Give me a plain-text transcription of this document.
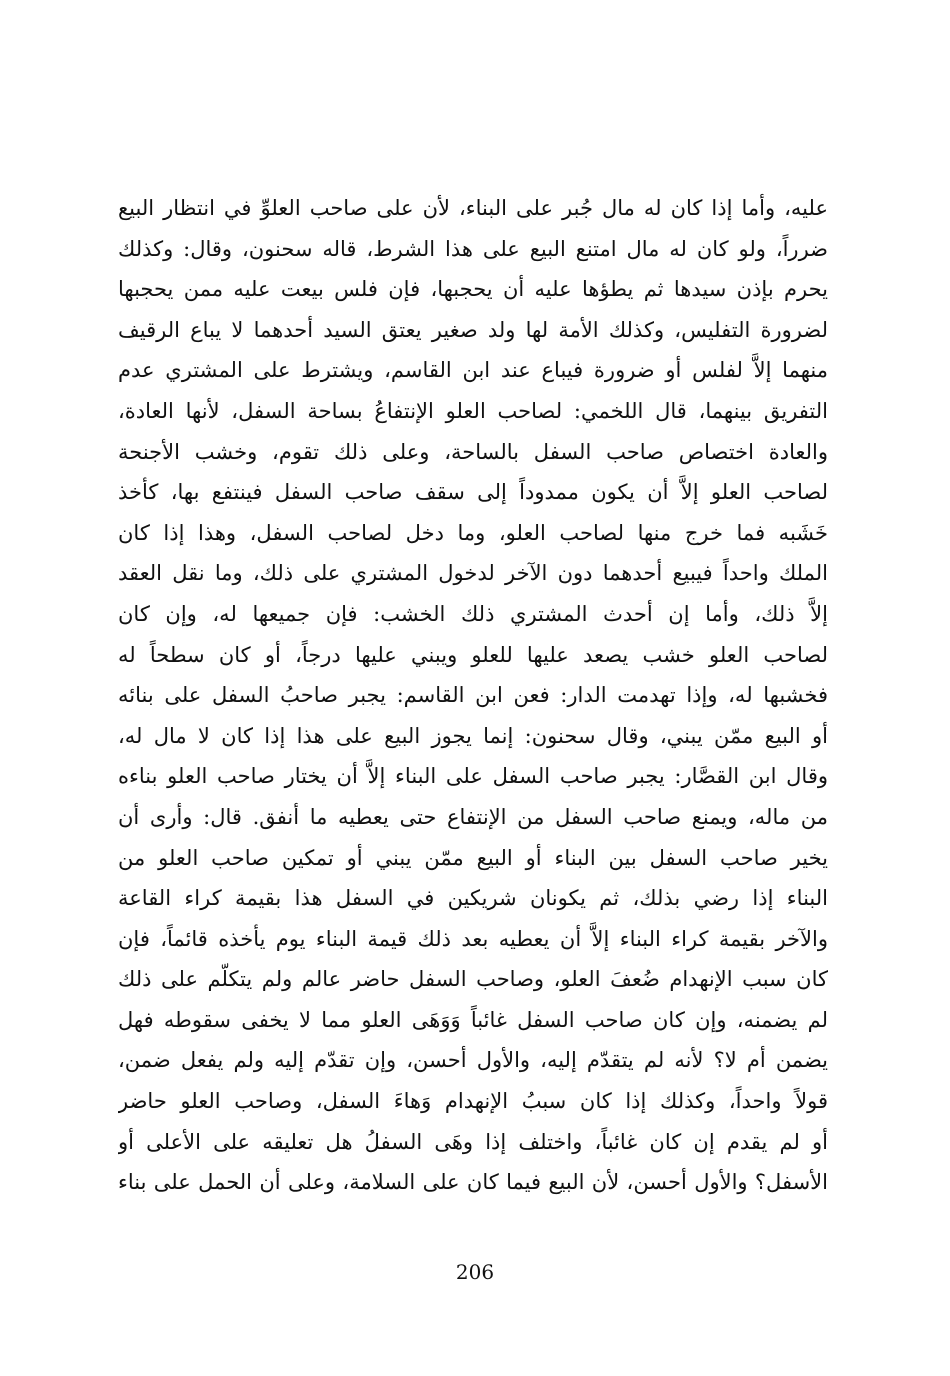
عليه، وأما إذا كان له مال جُبر على البناء، لأن على صاحب العلوِّ في انتظار البيع
ضرراً، ولو كان له مال امتنع البيع على هذا الشرط، قاله سحنون، وقال: وكذلك
يحرم بإذن سيدها ثم يطؤها عليه أن يحجبها، فإن فلس بيعت عليه ممن يحجبها
لضرورة التفليس، وكذلك الأمة لها ولد صغير يعتق السيد أحدهما لا يباع الرقيف
منهما إلاَّ لفلس أو ضرورة فيباع عند ابن القاسم، ويشترط على المشتري عدم
التفريق بينهما، قال اللخمي: لصاحب العلو الإنتفاعُ بساحة السفل، لأنها العادة،
والعادة اختصاص صاحب السفل بالساحة، وعلى ذلك تقوم، وخشب الأجنحة
لصاحب العلو إلاَّ أن يكون ممدوداً إلى سقف صاحب السفل فينتفع بها، كأخذ
خَشَبه فما خرج منها لصاحب العلو، وما دخل لصاحب السفل، وهذا إذا كان
الملك واحداً فيبيع أحدهما دون الآخر لدخول المشتري على ذلك، وما نقل العقد
إلاَّ ذلك، وأما إن أحدث المشتري ذلك الخشب: فإن جميعها له، وإن كان
لصاحب العلو خشب يصعد عليها للعلو ويبني عليها درجاً، أو كان سطحاً له
فخشبها له، وإذا تهدمت الدار: فعن ابن القاسم: يجبر صاحبُ السفل على بنائه
أو البيع ممّن يبني، وقال سحنون: إنما يجوز البيع على هذا إذا كان لا مال له،
وقال ابن القصَّار: يجبر صاحب السفل على البناء إلاَّ أن يختار صاحب العلو بناءه
من ماله، ويمنع صاحب السفل من الإنتفاع حتى يعطيه ما أنفق. قال: وأرى أن
يخير صاحب السفل بين البناء أو البيع ممّن يبني أو تمكين صاحب العلو من
البناء إذا رضي بذلك، ثم يكونان شريكين في السفل هذا بقيمة كراء القاعة
والآخر بقيمة كراء البناء إلاَّ أن يعطيه بعد ذلك قيمة البناء يوم يأخذه قائماً، فإن
كان سبب الإنهدام ضُعفَ العلو، وصاحب السفل حاضر عالم ولم يتكلّم على ذلك
لم يضمنه، وإن كان صاحب السفل غائباً وَوَهَى العلو مما لا يخفى سقوطه فهل
يضمن أم لا؟ لأنه لم يتقدّم إليه، والأول أحسن، وإن تقدّم إليه ولم يفعل ضمن،
قولاً واحداً، وكذلك إذا كان سببُ الإنهدام وَهاءَ السفل، وصاحب العلو حاضر
أو لم يقدم إن كان غائباً، واختلف إذا وهَى السفلُ هل تعليقه على الأعلى أو
الأسفل؟ والأول أحسن، لأن البيع فيما كان على السلامة، وعلى أن الحمل على بناء
206
